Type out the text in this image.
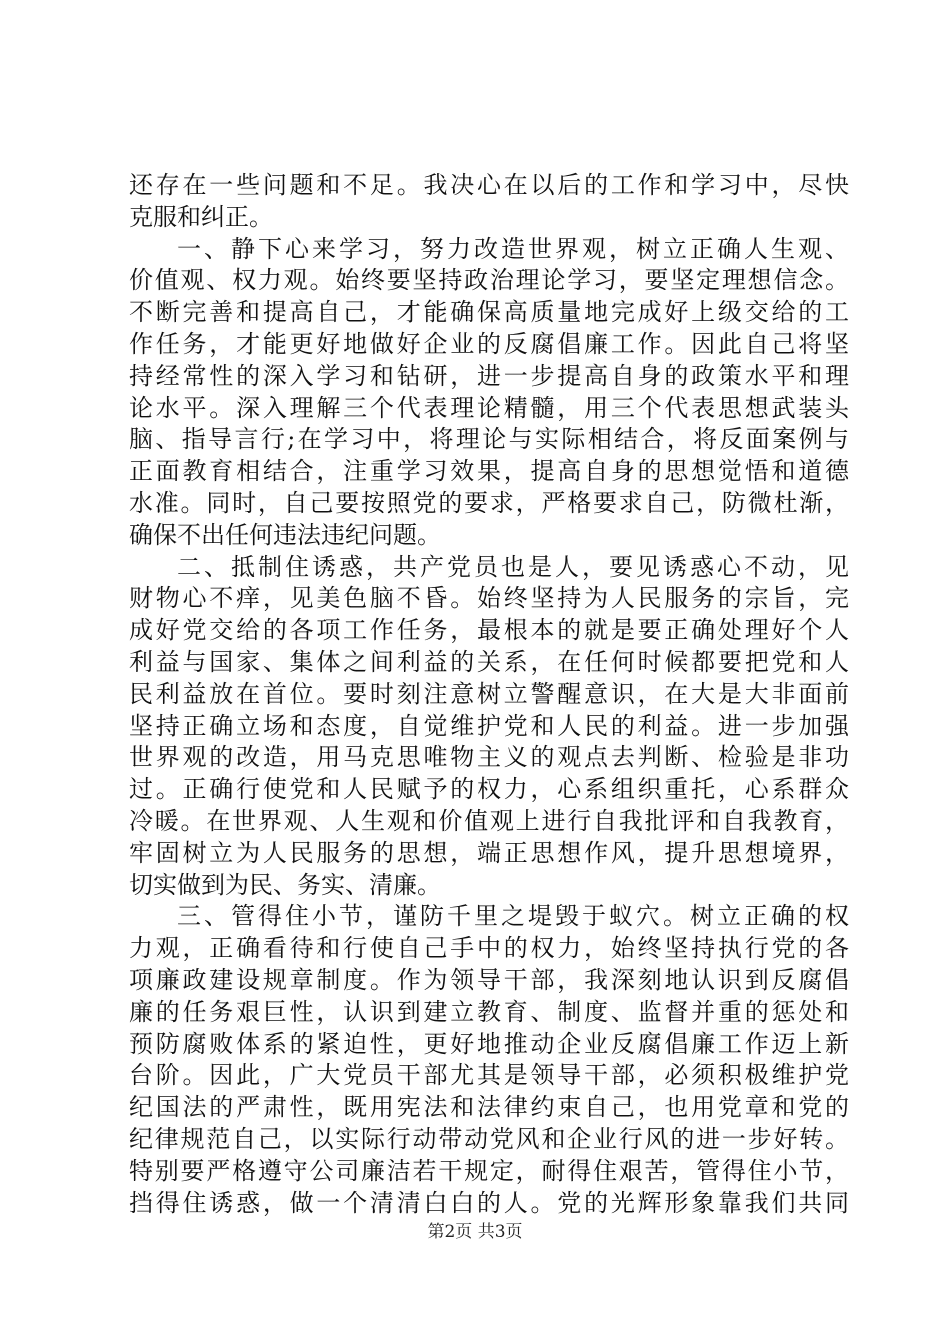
还存在一些问题和不足。我决心在以后的工作和学习中，尽快
克服和纠正。
一、静下心来学习，努力改造世界观，树立正确人生观、
价值观、权力观。始终要坚持政治理论学习，要坚定理想信念。
不断完善和提高自己，才能确保高质量地完成好上级交给的工
作任务，才能更好地做好企业的反腐倡廉工作。因此自己将坚
持经常性的深入学习和钻研，进一步提高自身的政策水平和理
论水平。深入理解三个代表理论精髓，用三个代表思想武装头
脑、指导言行;在学习中，将理论与实际相结合，将反面案例与
正面教育相结合，注重学习效果，提高自身的思想觉悟和道德
水准。同时，自己要按照党的要求，严格要求自己，防微杜渐，
确保不出任何违法违纪问题。
二、抵制住诱惑，共产党员也是人，要见诱惑心不动，见
财物心不痒，见美色脑不昏。始终坚持为人民服务的宗旨，完
成好党交给的各项工作任务，最根本的就是要正确处理好个人
利益与国家、集体之间利益的关系，在任何时候都要把党和人
民利益放在首位。要时刻注意树立警醒意识，在大是大非面前
坚持正确立场和态度，自觉维护党和人民的利益。进一步加强
世界观的改造，用马克思唯物主义的观点去判断、检验是非功
过。正确行使党和人民赋予的权力，心系组织重托，心系群众
冷暖。在世界观、人生观和价值观上进行自我批评和自我教育，
牢固树立为人民服务的思想，端正思想作风，提升思想境界，
切实做到为民、务实、清廉。
三、管得住小节，谨防千里之堤毁于蚁穴。树立正确的权
力观，正确看待和行使自己手中的权力，始终坚持执行党的各
项廉政建设规章制度。作为领导干部，我深刻地认识到反腐倡
廉的任务艰巨性，认识到建立教育、制度、监督并重的惩处和
预防腐败体系的紧迫性，更好地推动企业反腐倡廉工作迈上新
台阶。因此，广大党员干部尤其是领导干部，必须积极维护党
纪国法的严肃性，既用宪法和法律约束自己，也用党章和党的
纪律规范自己，以实际行动带动党风和企业行风的进一步好转。
特别要严格遵守公司廉洁若干规定，耐得住艰苦，管得住小节，
挡得住诱惑，做一个清清白白的人。党的光辉形象靠我们共同
第2页 共3页
